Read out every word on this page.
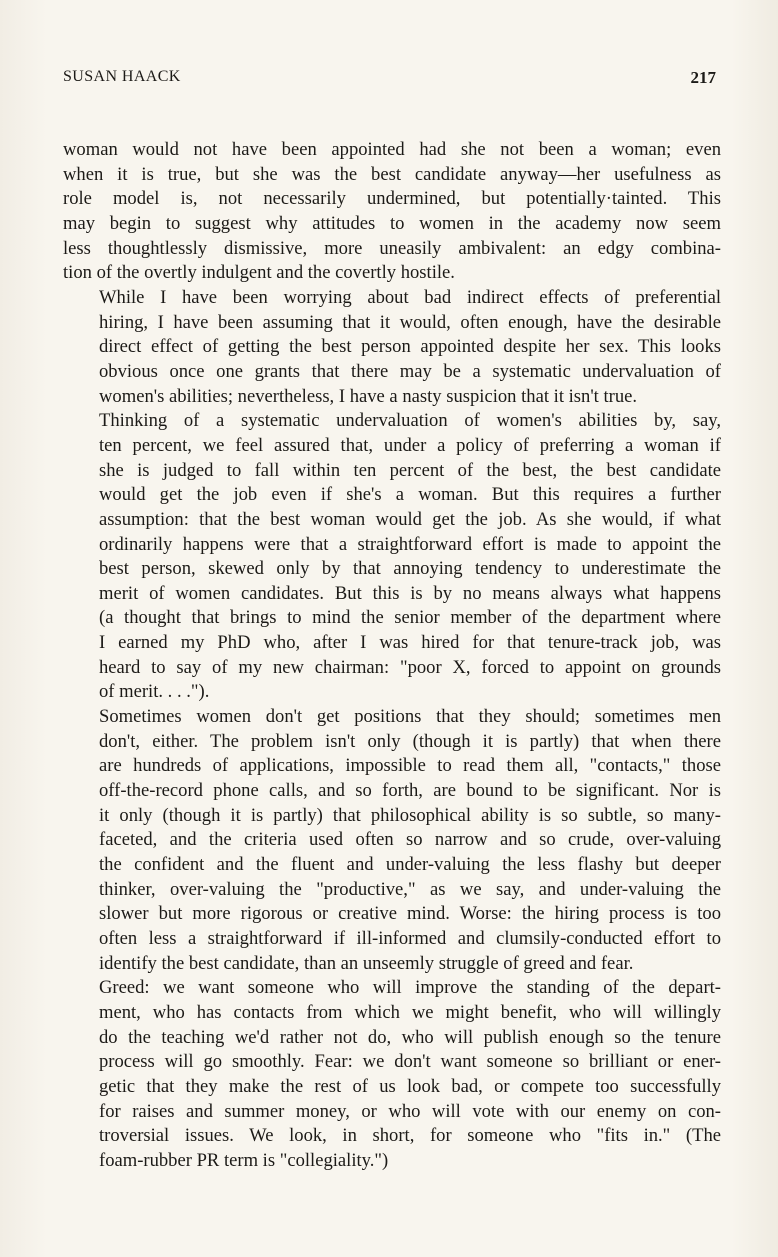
SUSAN HAACK	217

woman would not have been appointed had she not been a woman; even
when it is true, but she was the best candidate anyway—her usefulness as
role model is, not necessarily undermined, but potentially·tainted. This
may begin to suggest why attitudes to women in the academy now seem
less thoughtlessly dismissive, more uneasily ambivalent: an edgy combina-
tion of the overtly indulgent and the covertly hostile.

While I have been worrying about bad indirect effects of preferential
hiring, I have been assuming that it would, often enough, have the desirable
direct effect of getting the best person appointed despite her sex. This looks
obvious once one grants that there may be a systematic undervaluation of
women's abilities; nevertheless, I have a nasty suspicion that it isn't true.

Thinking of a systematic undervaluation of women's abilities by, say,
ten percent, we feel assured that, under a policy of preferring a woman if
she is judged to fall within ten percent of the best, the best candidate
would get the job even if she's a woman. But this requires a further
assumption: that the best woman would get the job. As she would, if what
ordinarily happens were that a straightforward effort is made to appoint the
best person, skewed only by that annoying tendency to underestimate the
merit of women candidates. But this is by no means always what happens
(a thought that brings to mind the senior member of the department where
I earned my PhD who, after I was hired for that tenure-track job, was
heard to say of my new chairman: "poor X, forced to appoint on grounds
of merit. . . .").

Sometimes women don't get positions that they should; sometimes men
don't, either. The problem isn't only (though it is partly) that when there
are hundreds of applications, impossible to read them all, "contacts," those
off-the-record phone calls, and so forth, are bound to be significant. Nor is
it only (though it is partly) that philosophical ability is so subtle, so many-
faceted, and the criteria used often so narrow and so crude, over-valuing
the confident and the fluent and under-valuing the less flashy but deeper
thinker, over-valuing the "productive," as we say, and under-valuing the
slower but more rigorous or creative mind. Worse: the hiring process is too
often less a straightforward if ill-informed and clumsily-conducted effort to
identify the best candidate, than an unseemly struggle of greed and fear.

Greed: we want someone who will improve the standing of the depart-
ment, who has contacts from which we might benefit, who will willingly
do the teaching we'd rather not do, who will publish enough so the tenure
process will go smoothly. Fear: we don't want someone so brilliant or ener-
getic that they make the rest of us look bad, or compete too successfully
for raises and summer money, or who will vote with our enemy on con-
troversial issues. We look, in short, for someone who "fits in." (The
foam-rubber PR term is "collegiality.")
